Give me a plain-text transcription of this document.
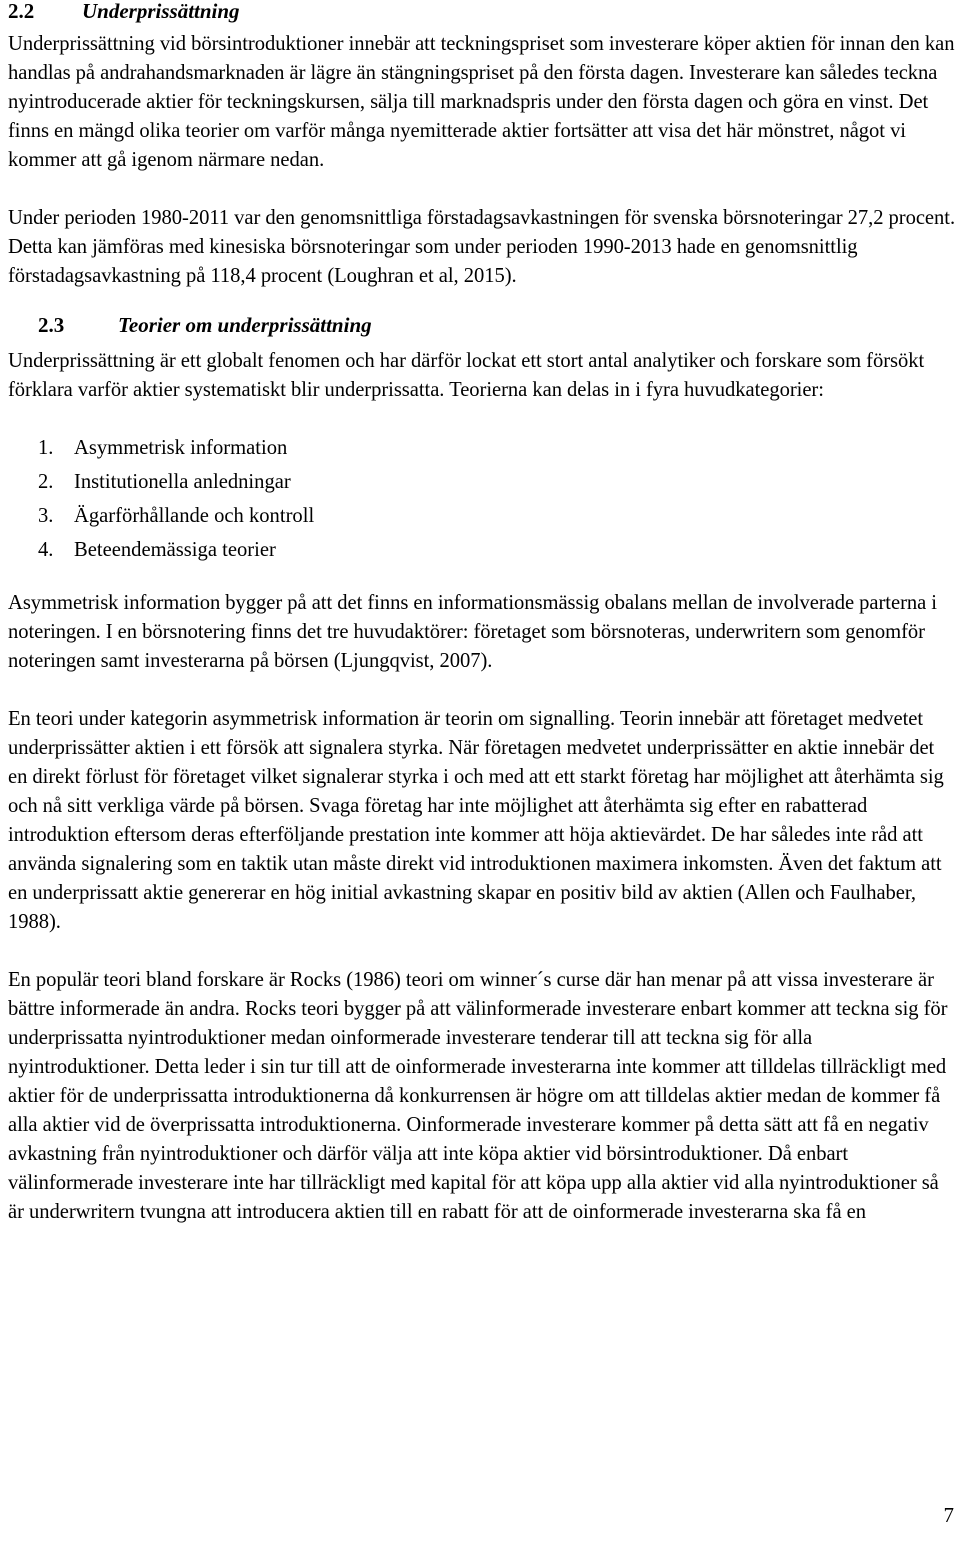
2.2 Underprissättning

Underprissättning vid börsintroduktioner innebär att teckningspriset som investerare köper aktien för innan den kan handlas på andrahandsmarknaden är lägre än stängningspriset på den första dagen. Investerare kan således teckna nyintroducerade aktier för teckningskursen, sälja till marknadspris under den första dagen och göra en vinst. Det finns en mängd olika teorier om varför många nyemitterade aktier fortsätter att visa det här mönstret, något vi kommer att gå igenom närmare nedan.

Under perioden 1980-2011 var den genomsnittliga förstadagsavkastningen för svenska börsnoteringar 27,2 procent. Detta kan jämföras med kinesiska börsnoteringar som under perioden 1990-2013 hade en genomsnittlig förstadagsavkastning på 118,4 procent (Loughran et al, 2015).

2.3	Teorier om underprissättning

Underprissättning är ett globalt fenomen och har därför lockat ett stort antal analytiker och forskare som försökt förklara varför aktier systematiskt blir underprissatta. Teorierna kan delas in i fyra huvudkategorier:

1. Asymmetrisk information
2. Institutionella anledningar
3. Ägarförhållande och kontroll
4. Beteendemässiga teorier

Asymmetrisk information bygger på att det finns en informationsmässig obalans mellan de involverade parterna i noteringen. I en börsnotering finns det tre huvudaktörer: företaget som börsnoteras, underwritern som genomför noteringen samt investerarna på börsen (Ljungqvist, 2007).

En teori under kategorin asymmetrisk information är teorin om signalling. Teorin innebär att företaget medvetet underprissätter aktien i ett försök att signalera styrka. När företagen medvetet underprissätter en aktie innebär det en direkt förlust för företaget vilket signalerar styrka i och med att ett starkt företag har möjlighet att återhämta sig och nå sitt verkliga värde på börsen. Svaga företag har inte möjlighet att återhämta sig efter en rabatterad introduktion eftersom deras efterföljande prestation inte kommer att höja aktievärdet. De har således inte råd att använda signalering som en taktik utan måste direkt vid introduktionen maximera inkomsten. Även det faktum att en underprissatt aktie genererar en hög initial avkastning skapar en positiv bild av aktien (Allen och Faulhaber, 1988).

En populär teori bland forskare är Rocks (1986) teori om winner´s curse där han menar på att vissa investerare är bättre informerade än andra. Rocks teori bygger på att välinformerade investerare enbart kommer att teckna sig för underprissatta nyintroduktioner medan oinformerade investerare tenderar till att teckna sig för alla nyintroduktioner. Detta leder i sin tur till att de oinformerade investerarna inte kommer att tilldelas tillräckligt med aktier för de underprissatta introduktionerna då konkurrensen är högre om att tilldelas aktier medan de kommer få alla aktier vid de överprissatta introduktionerna. Oinformerade investerare kommer på detta sätt att få en negativ avkastning från nyintroduktioner och därför välja att inte köpa aktier vid börsintroduktioner. Då enbart välinformerade investerare inte har tillräckligt med kapital för att köpa upp alla aktier vid alla nyintroduktioner så är underwritern tvungna att introducera aktien till en rabatt för att de oinformerade investerarna ska få en

7
